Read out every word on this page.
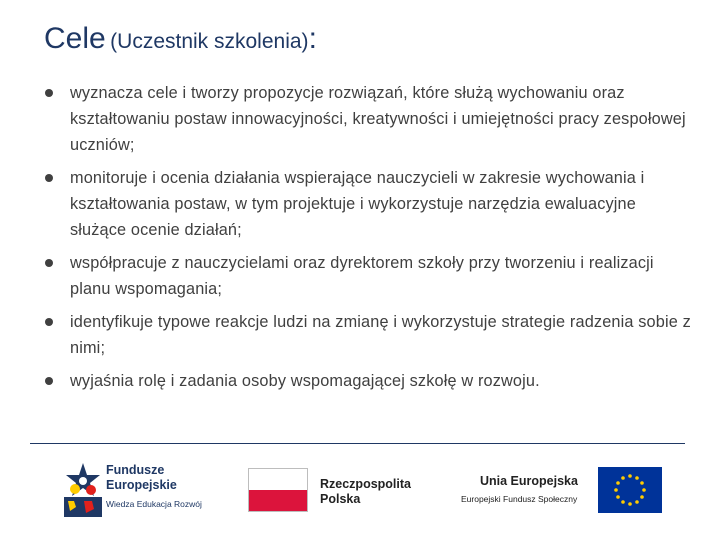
Cele (Uczestnik szkolenia):
wyznacza cele i tworzy propozycje rozwiązań, które służą wychowaniu oraz kształtowaniu postaw innowacyjności, kreatywności i umiejętności pracy zespołowej uczniów;
monitoruje i ocenia działania wspierające nauczycieli w zakresie wychowania i kształtowania postaw, w tym projektuje i wykorzystuje narzędzia ewaluacyjne służące ocenie działań;
współpracuje z nauczycielami oraz dyrektorem szkoły przy tworzeniu i realizacji planu wspomagania;
identyfikuje typowe reakcje ludzi na zmianę i wykorzystuje strategie radzenia sobie z nimi;
wyjaśnia rolę i zadania osoby wspomagającej szkołę w rozwoju.
Fundusze
Europejskie
Wiedza Edukacja Rozwój
Rzeczpospolita
Polska
Unia Europejska
Europejski Fundusz Społeczny
